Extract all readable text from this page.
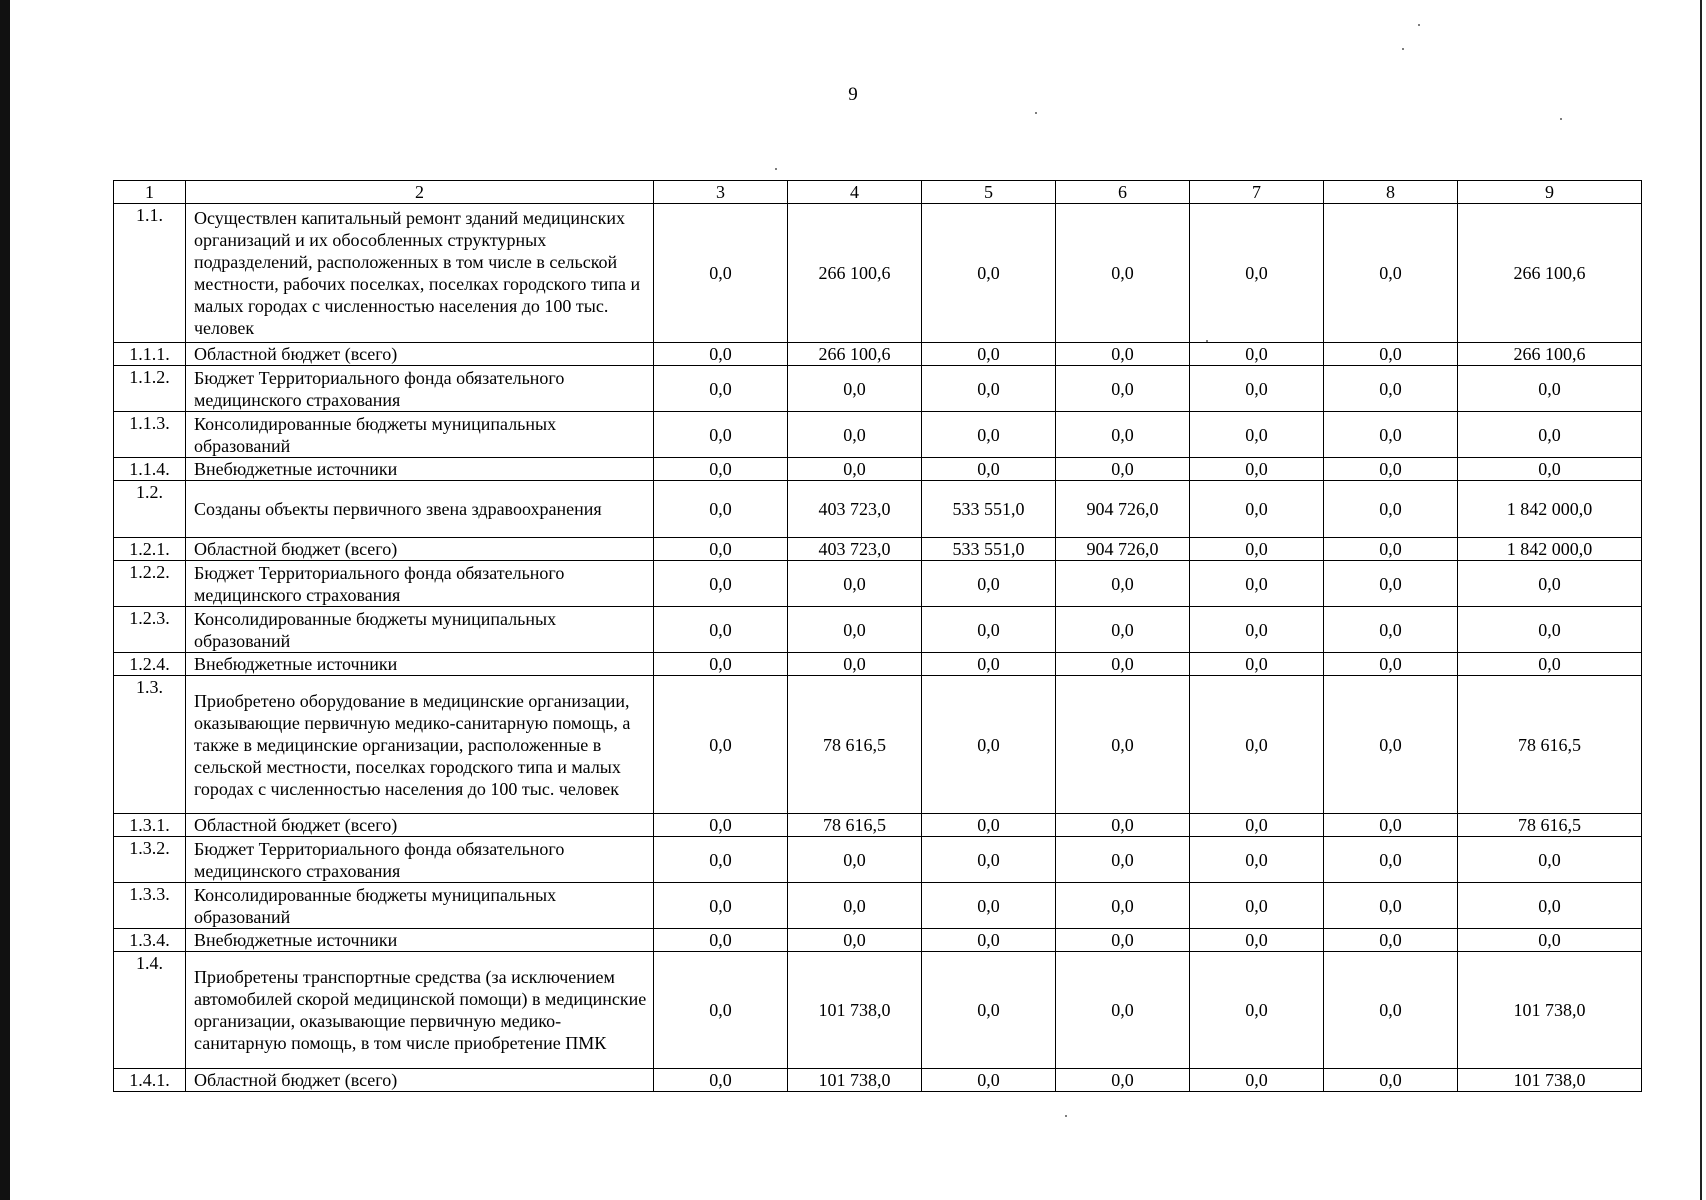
9
1	2	3	4	5	6	7	8	9
1.1.	Осуществлен капитальный ремонт зданий медицинских организаций и их обособленных структурных подразделений, расположенных в том числе в сельской местности, рабочих поселках, поселках городского типа и малых городах с численностью населения до 100 тыс. человек	0,0	266 100,6	0,0	0,0	0,0	0,0	266 100,6
1.1.1.	Областной бюджет (всего)	0,0	266 100,6	0,0	0,0	0,0	0,0	266 100,6
1.1.2.	Бюджет Территориального фонда обязательного медицинского страхования	0,0	0,0	0,0	0,0	0,0	0,0	0,0
1.1.3.	Консолидированные бюджеты муниципальных образований	0,0	0,0	0,0	0,0	0,0	0,0	0,0
1.1.4.	Внебюджетные источники	0,0	0,0	0,0	0,0	0,0	0,0	0,0
1.2.	Созданы объекты первичного звена здравоохранения	0,0	403 723,0	533 551,0	904 726,0	0,0	0,0	1 842 000,0
1.2.1.	Областной бюджет (всего)	0,0	403 723,0	533 551,0	904 726,0	0,0	0,0	1 842 000,0
1.2.2.	Бюджет Территориального фонда обязательного медицинского страхования	0,0	0,0	0,0	0,0	0,0	0,0	0,0
1.2.3.	Консолидированные бюджеты муниципальных образований	0,0	0,0	0,0	0,0	0,0	0,0	0,0
1.2.4.	Внебюджетные источники	0,0	0,0	0,0	0,0	0,0	0,0	0,0
1.3.	Приобретено оборудование в медицинские организации, оказывающие первичную медико-санитарную помощь, а также в медицинские организации, расположенные в сельской местности, поселках городского типа и малых городах с численностью населения до 100 тыс. человек	0,0	78 616,5	0,0	0,0	0,0	0,0	78 616,5
1.3.1.	Областной бюджет (всего)	0,0	78 616,5	0,0	0,0	0,0	0,0	78 616,5
1.3.2.	Бюджет Территориального фонда обязательного медицинского страхования	0,0	0,0	0,0	0,0	0,0	0,0	0,0
1.3.3.	Консолидированные бюджеты муниципальных образований	0,0	0,0	0,0	0,0	0,0	0,0	0,0
1.3.4.	Внебюджетные источники	0,0	0,0	0,0	0,0	0,0	0,0	0,0
1.4.	Приобретены транспортные средства (за исключением автомобилей скорой медицинской помощи) в медицинские организации, оказывающие первичную медико-санитарную помощь, в том числе приобретение ПМК	0,0	101 738,0	0,0	0,0	0,0	0,0	101 738,0
1.4.1.	Областной бюджет (всего)	0,0	101 738,0	0,0	0,0	0,0	0,0	101 738,0
